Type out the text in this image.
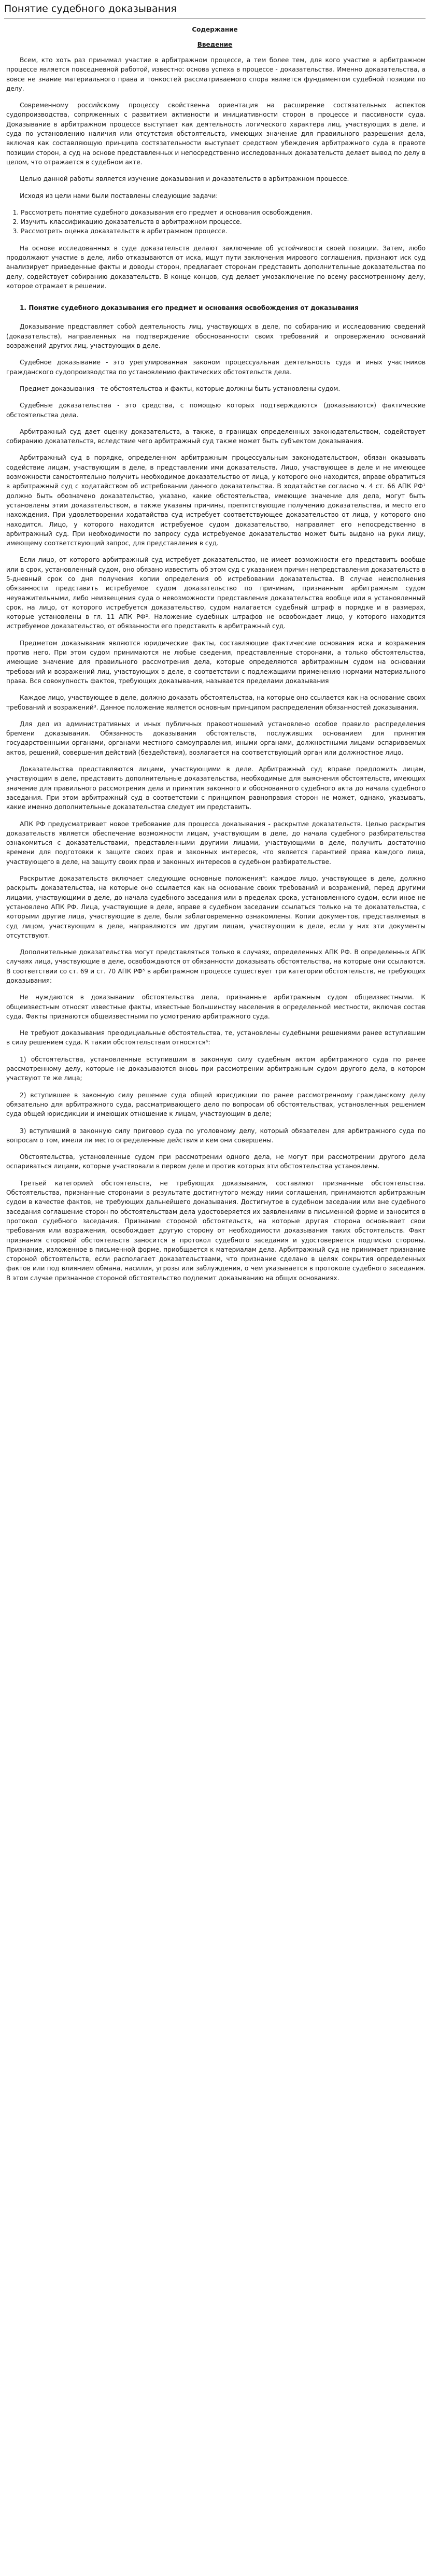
Понятие судебного доказывания
Содержание
Введение

Всем, кто хоть раз принимал участие в арбитражном процессе, а тем более тем, для кого участие в арбитражном процессе является повседневной работой, известно: основа успеха в процессе - доказательства. Именно доказательства, а вовсе не знание материального права и тонкостей рассматриваемого спора является фундаментом судебной позиции по делу.

Современному российскому процессу свойственна ориентация на расширение состязательных аспектов судопроизводства, сопряженных с развитием активности и инициативности сторон в процессе и пассивности суда. Доказывание в арбитражном процессе выступает как деятельность логического характера лиц, участвующих в деле, и суда по установлению наличия или отсутствия обстоятельств, имеющих значение для правильного разрешения дела, включая как составляющую принципа состязательности выступает средством убеждения арбитражного суда в правоте позиции сторон, а суд на основе представленных и непосредственно исследованных доказательств делает вывод по делу в целом, что отражается в судебном акте.

Целью данной работы является изучение доказывания и доказательств в арбитражном процессе.

Исходя из цели нами были поставлены следующие задачи:

1. Рассмотреть понятие судебного доказывания его предмет и основания освобождения.
2. Изучить классификацию доказательств в арбитражном процессе.
3. Рассмотреть оценка доказательств в арбитражном процессе.

На основе исследованных в суде доказательств делают заключение об устойчивости своей позиции. Затем, любо продолжают участие в деле, либо отказываются от иска, ищут пути заключения мирового соглашения, признают иск суд анализирует приведенные факты и доводы сторон, предлагает сторонам представить дополнительные доказательства по делу, содействует собиранию доказательств. В конце концов, суд делает умозаключение по всему рассмотренному делу, которое отражает в решении.

1. Понятие судебного доказывания его предмет и основания освобождения от доказывания

Доказывание представляет собой деятельность лиц, участвующих в деле, по собиранию и исследованию сведений (доказательств), направленных на подтверждение обоснованности своих требований и опровержению оснований возражений других лиц, участвующих в деле.

Судебное доказывание - это урегулированная законом процессуальная деятельность суда и иных участников гражданского судопроизводства по установлению фактических обстоятельств дела.

Предмет доказывания - те обстоятельства и факты, которые должны быть установлены судом.

Судебные доказательства - это средства, с помощью которых подтверждаются (доказываются) фактические обстоятельства дела.

Арбитражный суд дает оценку доказательств, а также, в границах определенных законодательством, содействует собиранию доказательств, вследствие чего арбитражный суд также может быть субъектом доказывания.

Арбитражный суд в порядке, определенном арбитражным процессуальным законодательством, обязан оказывать содействие лицам, участвующим в деле, в представлении ими доказательств. Лицо, участвующее в деле и не имеющее возможности самостоятельно получить необходимое доказательство от лица, у которого оно находится, вправе обратиться в арбитражный суд с ходатайством об истребовании данного доказательства. В ходатайстве согласно ч. 4 ст. 66 АПК РФ¹ должно быть обозначено доказательство, указано, какие обстоятельства, имеющие значение для дела, могут быть установлены этим доказательством, а также указаны причины, препятствующие получению доказательства, и место его нахождения. При удовлетворении ходатайства суд истребует соответствующее доказательство от лица, у которого оно находится. Лицо, у которого находится истребуемое судом доказательство, направляет его непосредственно в арбитражный суд. При необходимости по запросу суда истребуемое доказательство может быть выдано на руки лицу, имеющему соответствующий запрос, для представления в суд.

Если лицо, от которого арбитражный суд истребует доказательство, не имеет возможности его представить вообще или в срок, установленный судом, оно обязано известить об этом суд с указанием причин непредставления доказательств в 5-дневный срок со дня получения копии определения об истребовании доказательства. В случае неисполнения обязанности представить истребуемое судом доказательство по причинам, признанным арбитражным судом неуважительными, либо неизвещения суда о невозможности представления доказательства вообще или в установленный срок, на лицо, от которого истребуется доказательство, судом налагается судебный штраф в порядке и в размерах, которые установлены в гл. 11 АПК РФ². Наложение судебных штрафов не освобождает лицо, у которого находится истребуемое доказательство, от обязанности его представить в арбитражный суд.

Предметом доказывания являются юридические факты, составляющие фактические основания иска и возражения против него. При этом судом принимаются не любые сведения, представленные сторонами, а только обстоятельства, имеющие значение для правильного рассмотрения дела, которые определяются арбитражным судом на основании требований и возражений лиц, участвующих в деле, в соответствии с подлежащими применению нормами материального права. Вся совокупность фактов, требующих доказывания, называется пределами доказывания

Каждое лицо, участвующее в деле, должно доказать обстоятельства, на которые оно ссылается как на основание своих требований и возражений³. Данное положение является основным принципом распределения обязанностей доказывания.

Для дел из административных и иных публичных правоотношений установлено особое правило распределения бремени доказывания. Обязанность доказывания обстоятельств, послуживших основанием для принятия государственными органами, органами местного самоуправления, иными органами, должностными лицами оспариваемых актов, решений, совершения действий (бездействия), возлагается на соответствующий орган или должностное лицо.

Доказательства представляются лицами, участвующими в деле. Арбитражный суд вправе предложить лицам, участвующим в деле, представить дополнительные доказательства, необходимые для выяснения обстоятельств, имеющих значение для правильного рассмотрения дела и принятия законного и обоснованного судебного акта до начала судебного заседания. При этом арбитражный суд в соответствии с принципом равноправия сторон не может, однако, указывать, какие именно дополнительные доказательства следует им представить.

АПК РФ предусматривает новое требование для процесса доказывания - раскрытие доказательств. Целью раскрытия доказательств является обеспечение возможности лицам, участвующим в деле, до начала судебного разбирательства ознакомиться с доказательствами, представленными другими лицами, участвующими в деле, получить достаточно времени для подготовки к защите своих прав и законных интересов, что является гарантией права каждого лица, участвующего в деле, на защиту своих прав и законных интересов в судебном разбирательстве.

Раскрытие доказательств включает следующие основные положения⁴: каждое лицо, участвующее в деле, должно раскрыть доказательства, на которые оно ссылается как на основание своих требований и возражений, перед другими лицами, участвующими в деле, до начала судебного заседания или в пределах срока, установленного судом, если иное не установлено АПК РФ. Лица, участвующие в деле, вправе в судебном заседании ссылаться только на те доказательства, с которыми другие лица, участвующие в деле, были заблаговременно ознакомлены. Копии документов, представляемых в суд лицом, участвующим в деле, направляются им другим лицам, участвующим в деле, если у них эти документы отсутствуют.

Дополнительные доказательства могут представляться только в случаях, определенных АПК РФ. В определенных АПК случаях лица, участвующие в деле, освобождаются от обязанности доказывать обстоятельства, на которые они ссылаются. В соответствии со ст. 69 и ст. 70 АПК РФ⁵ в арбитражном процессе существует три категории обстоятельств, не требующих доказывания:

Не нуждаются в доказывании обстоятельства дела, признанные арбитражным судом общеизвестными. К общеизвестным относят известные факты, известные большинству населения в определенной местности, включая состав суда. Факты признаются общеизвестными по усмотрению арбитражного суда.

Не требуют доказывания преюдициальные обстоятельства, те, установлены судебными решениями ранее вступившим в силу решением суда. К таким обстоятельствам относятся⁶:

1) обстоятельства, установленные вступившим в законную силу судебным актом арбитражного суда по ранее рассмотренному делу, которые не доказываются вновь при рассмотрении арбитражным судом другого дела, в котором участвуют те же лица;

2) вступившее в законную силу решение суда общей юрисдикции по ранее рассмотренному гражданскому делу обязательно для арбитражного суда, рассматривающего дело по вопросам об обстоятельствах, установленных решением суда общей юрисдикции и имеющих отношение к лицам, участвующим в деле;

3) вступивший в законную силу приговор суда по уголовному делу, который обязателен для арбитражного суда по вопросам о том, имели ли место определенные действия и кем они совершены.

Обстоятельства, установленные судом при рассмотрении одного дела, не могут при рассмотрении другого дела оспариваться лицами, которые участвовали в первом деле и против которых эти обстоятельства установлены.

Третьей категорией обстоятельств, не требующих доказывания, составляют признанные обстоятельства. Обстоятельства, признанные сторонами в результате достигнутого между ними соглашения, принимаются арбитражным судом в качестве фактов, не требующих дальнейшего доказывания. Достигнутое в судебном заседании или вне судебного заседания соглашение сторон по обстоятельствам дела удостоверяется их заявлениями в письменной форме и заносится в протокол судебного заседания. Признание стороной обстоятельств, на которые другая сторона основывает свои требования или возражения, освобождает другую сторону от необходимости доказывания таких обстоятельств. Факт признания стороной обстоятельств заносится в протокол судебного заседания и удостоверяется подписью стороны. Признание, изложенное в письменной форме, приобщается к материалам дела. Арбитражный суд не принимает признание стороной обстоятельств, если располагает доказательствами, что признание сделано в целях сокрытия определенных фактов или под влиянием обмана, насилия, угрозы или заблуждения, о чем указывается в протоколе судебного заседания. В этом случае признанное стороной обстоятельство подлежит доказыванию на общих основаниях.
